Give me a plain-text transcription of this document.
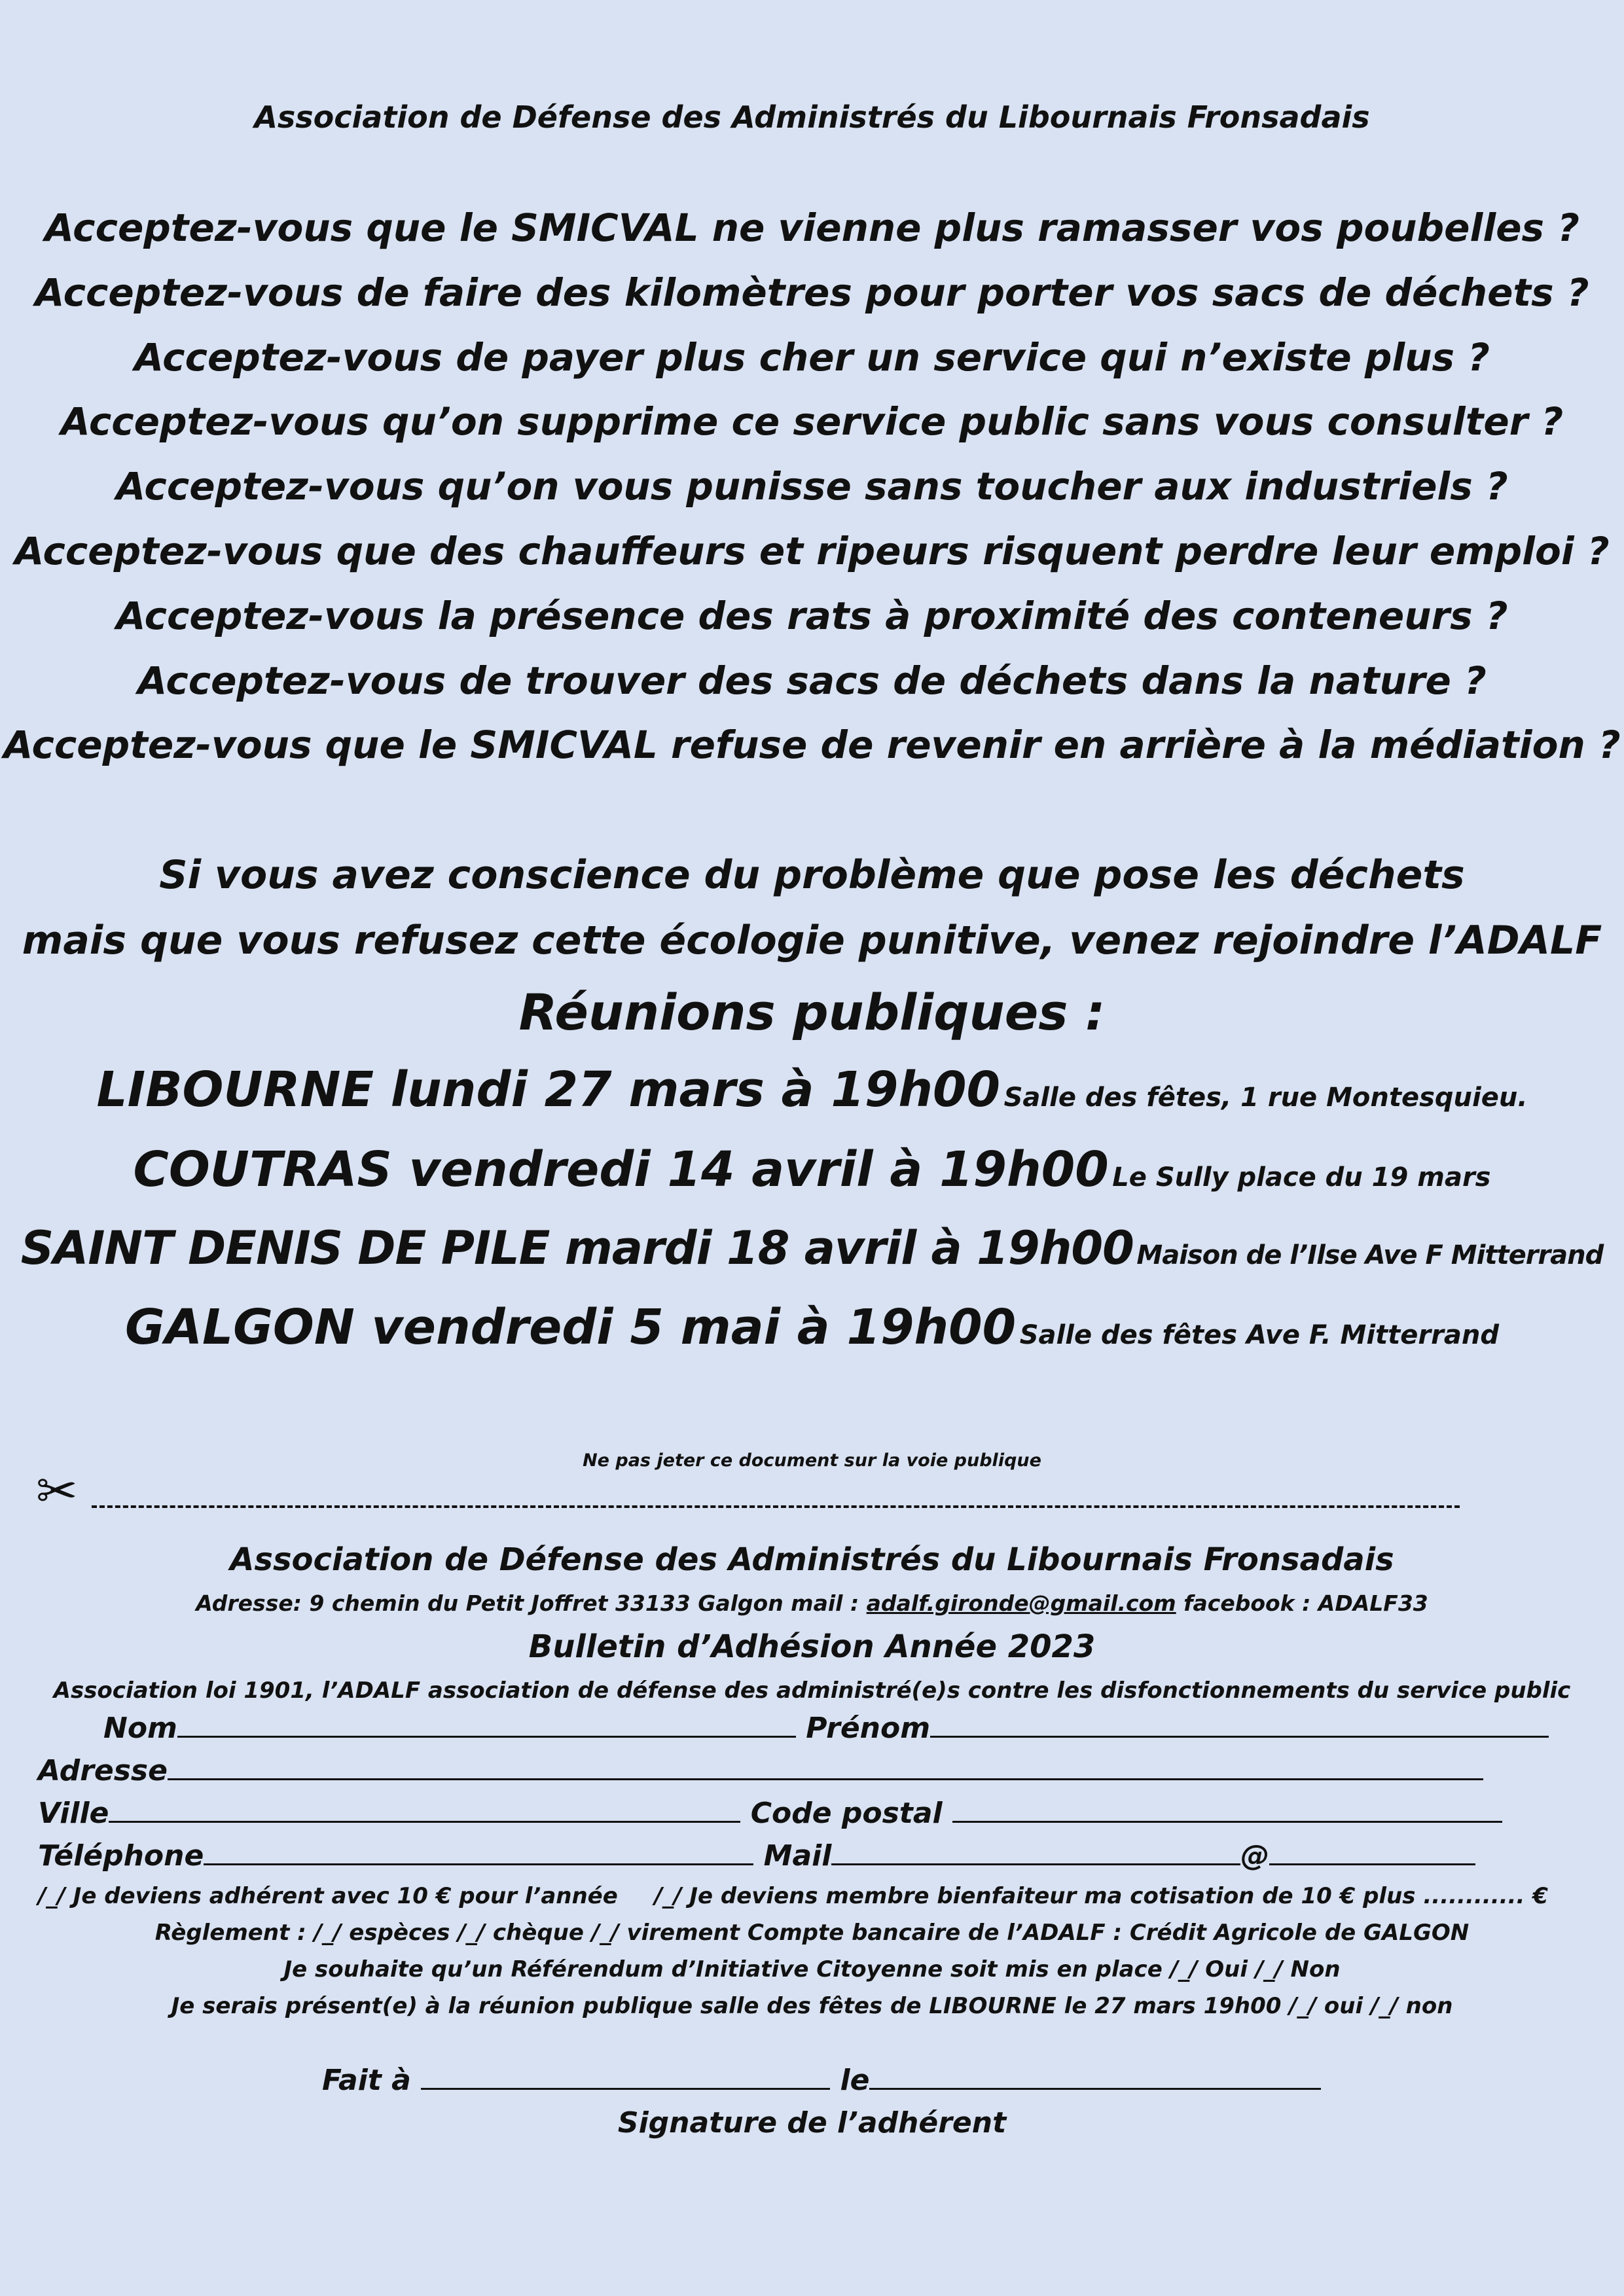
Association de Défense des Administrés du Libournais Fronsadais
Acceptez-vous que le SMICVAL ne vienne plus ramasser vos poubelles ?
Acceptez-vous de faire des kilomètres pour porter vos sacs de déchets ?
Acceptez-vous de payer plus cher un service qui n’existe plus ?
Acceptez-vous qu’on supprime ce service public sans vous consulter ?
Acceptez-vous qu’on vous punisse sans toucher aux industriels ?
Acceptez-vous que des chauffeurs et ripeurs risquent perdre leur emploi ?
Acceptez-vous la présence des rats à proximité des conteneurs ?
Acceptez-vous de trouver des sacs de déchets dans la nature ?
Acceptez-vous que le SMICVAL refuse de revenir en arrière à la médiation ?
Si vous avez conscience du problème que pose les déchets
mais que vous refusez cette écologie punitive, venez rejoindre l’ADALF
Réunions publiques :
LIBOURNE lundi 27 mars à 19h00 Salle des fêtes, 1 rue Montesquieu.
COUTRAS vendredi 14 avril à 19h00 Le Sully place du 19 mars
SAINT DENIS DE PILE mardi 18 avril à 19h00 Maison de l’Ilse Ave F Mitterrand
GALGON vendredi 5 mai à 19h00 Salle des fêtes Ave F. Mitterrand
Ne pas jeter ce document sur la voie publique
✂
Association de Défense des Administrés du Libournais Fronsadais
Adresse: 9 chemin du Petit Joffret 33133 Galgon mail : adalf.gironde@gmail.com facebook : ADALF33
Bulletin d’Adhésion Année 2023
Association loi 1901, l’ADALF association de défense des administré(e)s contre les disfonctionnements du service public
Nom	Prénom
Adresse
Ville	Code postal
Téléphone	Mail	@
/_/ Je deviens adhérent avec 10 € pour l’année /_/ Je deviens membre bienfaiteur ma cotisation de 10 € plus ............ €
Règlement : /_/ espèces /_/ chèque /_/ virement Compte bancaire de l’ADALF : Crédit Agricole de GALGON
Je souhaite qu’un Référendum d’Initiative Citoyenne soit mis en place /_/ Oui /_/ Non
Je serais présent(e) à la réunion publique salle des fêtes de LIBOURNE le 27 mars 19h00 /_/ oui /_/ non
Fait à	le
Signature de l’adhérent
